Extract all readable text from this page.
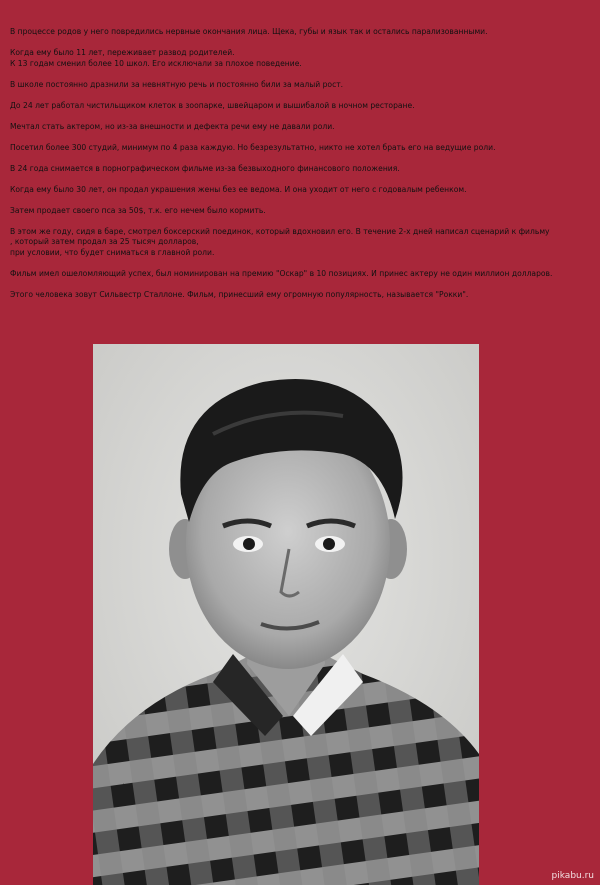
В процессе родов у него повредились нервные окончания лица. Щека, губы и язык так и остались парализованными.
Когда ему было 11 лет, переживает развод родителей.
К 13 годам сменил более 10 школ. Его исключали за плохое поведение.
В школе постоянно дразнили за невнятную речь и постоянно били за малый рост.
До 24 лет работал чистильщиком клеток в зоопарке, швейцаром и вышибалой в ночном ресторане.
Мечтал стать актером, но из-за внешности и дефекта речи ему не давали роли.
Посетил более 300 студий, минимум по 4 раза каждую. Но безрезультатно, никто не хотел брать его на ведущие роли.
В 24 года снимается в порнографическом фильме из-за безвыходного финансового положения.
Когда ему было 30 лет, он продал украшения жены без ее ведома. И она уходит от него с годовалым ребенком.
Затем продает своего пса за 50$, т.к. его нечем было кормить.
В этом же году, сидя в баре, смотрел боксерский поединок, который вдохновил его. В течение 2-х дней написал сценарий к фильму
, который затем продал за 25 тысяч долларов,
при условии, что будет сниматься в главной роли.
Фильм имел ошеломляющий успех, был номинирован на премию "Оскар" в 10 позициях. И принес актеру не один миллион долларов.
Этого человека зовут Сильвестр Сталлоне. Фильм, принесший ему огромную популярность, называется "Рокки".
pikabu.ru
